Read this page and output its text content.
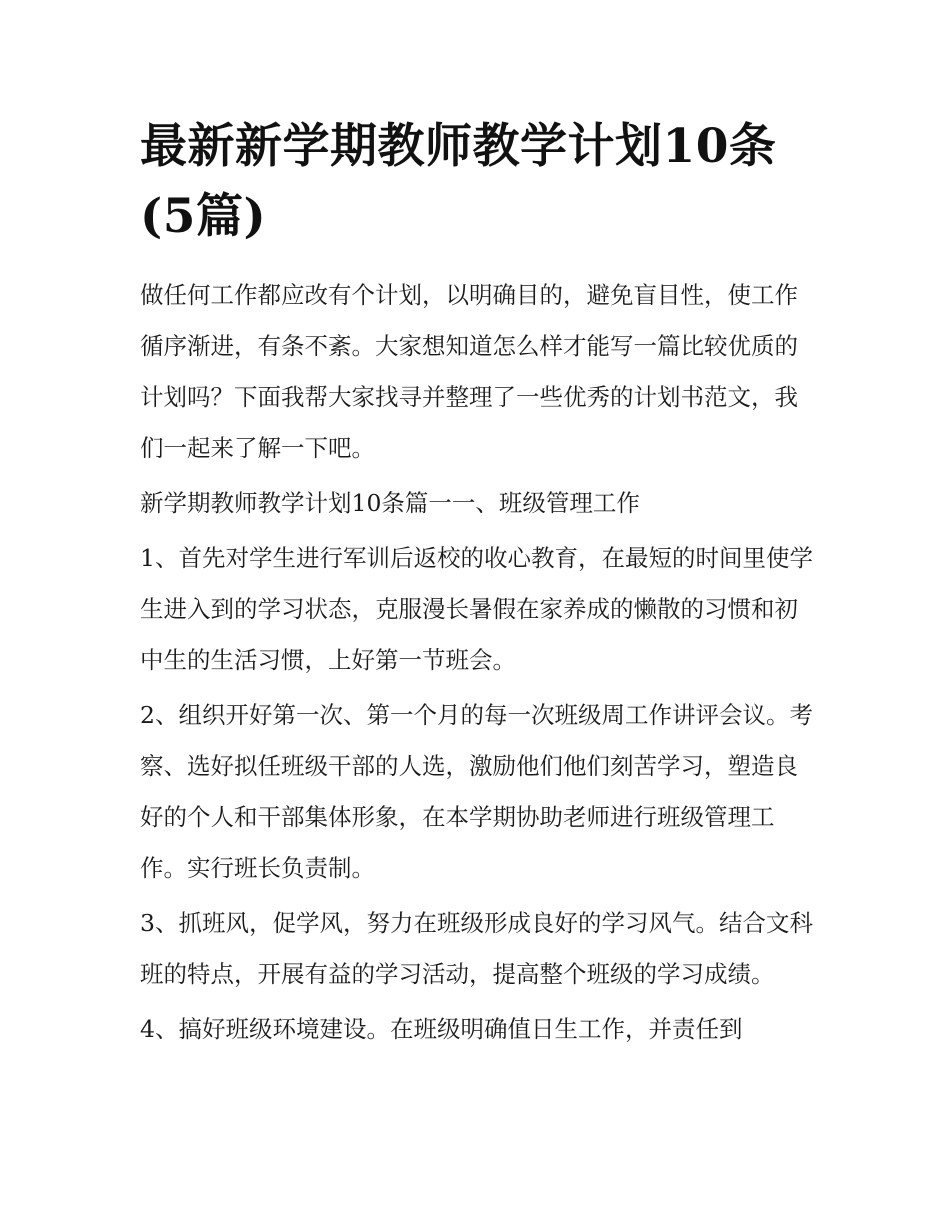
最新新学期教师教学计划10条(5篇)

做任何工作都应改有个计划，以明确目的，避免盲目性，使工作循序渐进，有条不紊。大家想知道怎么样才能写一篇比较优质的计划吗？下面我帮大家找寻并整理了一些优秀的计划书范文，我们一起来了解一下吧。

新学期教师教学计划10条篇一一、班级管理工作

1、首先对学生进行军训后返校的收心教育，在最短的时间里使学生进入到的学习状态，克服漫长暑假在家养成的懒散的习惯和初中生的生活习惯，上好第一节班会。

2、组织开好第一次、第一个月的每一次班级周工作讲评会议。考察、选好拟任班级干部的人选，激励他们他们刻苦学习，塑造良好的个人和干部集体形象，在本学期协助老师进行班级管理工作。实行班长负责制。

3、抓班风，促学风，努力在班级形成良好的学习风气。结合文科班的特点，开展有益的学习活动，提高整个班级的学习成绩。

4、搞好班级环境建设。在班级明确值日生工作，并责任到
